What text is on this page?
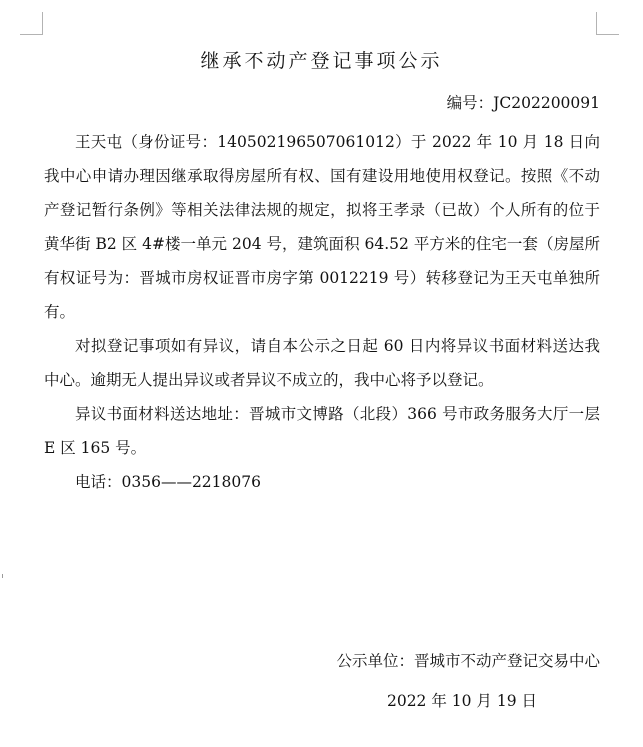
继承不动产登记事项公示
编号：JC202200091

王天屯（身份证号：140502196507061012）于 2022 年 10 月 18 日向我中心申请办理因继承取得房屋所有权、国有建设用地使用权登记。按照《不动产登记暂行条例》等相关法律法规的规定，拟将王孝录（已故）个人所有的位于黄华街 B2 区 4#楼一单元 204 号，建筑面积 64.52 平方米的住宅一套（房屋所有权证号为：晋城市房权证晋市房字第 0012219 号）转移登记为王天屯单独所有。

对拟登记事项如有异议，请自本公示之日起 60 日内将异议书面材料送达我中心。逾期无人提出异议或者异议不成立的，我中心将予以登记。

异议书面材料送达地址：晋城市文博路（北段）366 号市政务服务大厅一层 E 区 165 号。

电话：0356——2218076

公示单位：晋城市不动产登记交易中心
2022 年 10 月 19 日
